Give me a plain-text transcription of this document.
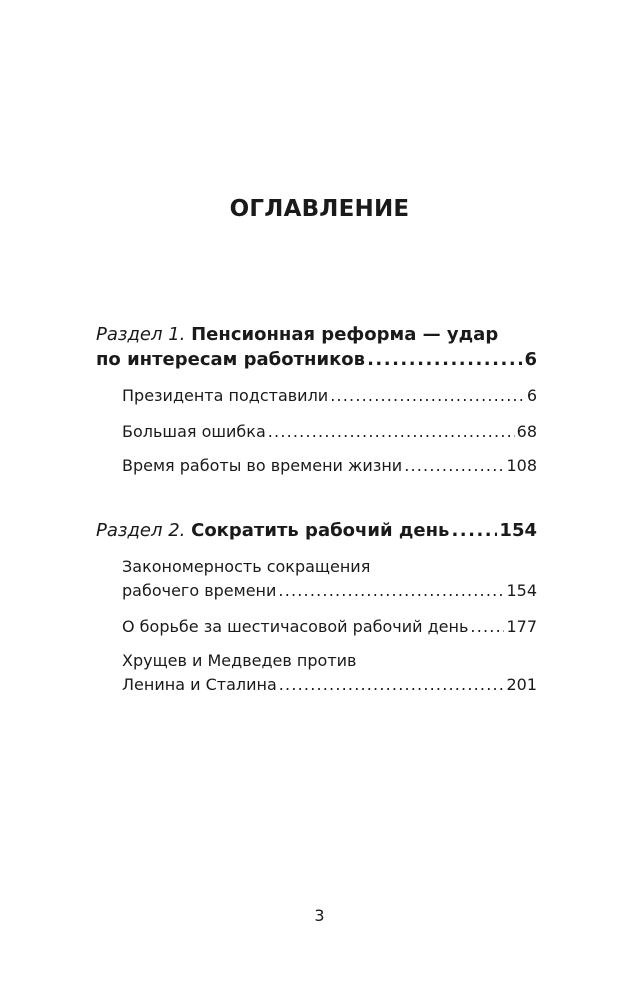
ОГЛАВЛЕНИЕ
Раздел 1. Пенсионная реформа — удар
по интересам работников .....	6
Президента подставили .....	6
Большая ошибка .....	68
Время работы во времени жизни .....	108
Раздел 2. Сократить рабочий день .....	154
Закономерность сокращения
рабочего времени .....	154
О борьбе за шестичасовой рабочий день ..... 177
Хрущев и Медведев против
Ленина и Сталина .....	201
3
